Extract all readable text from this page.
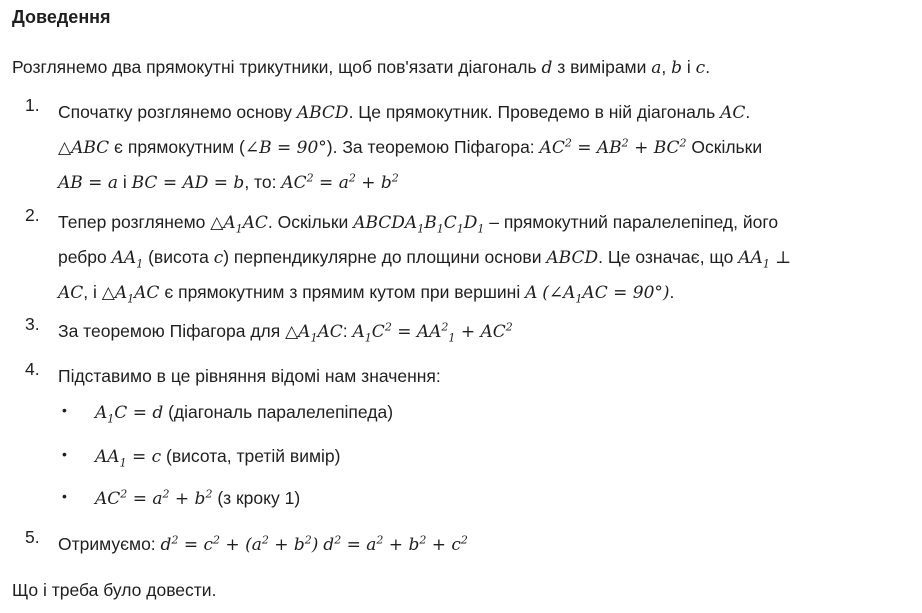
Доведення
Розглянемо два прямокутні трикутники, щоб пов'язати діагональ d з вимірами a, b і c.
1.	Спочатку розглянемо основу ABCD. Це прямокутник. Проведемо в ній діагональ AC.
△ABC є прямокутним (∠B = 90°). За теоремою Піфагора: $AC^2 = AB^2 + BC^2$ Оскільки
AB = a і BC = AD = b, то: $AC^2 = a^2 + b^2$
2.	Тепер розглянемо $\triangle A_1AC$. Оскільки $ABCDA_1B_1C_1D_1$ – прямокутний паралелепіпед, його
ребро $AA_1$ (висота c) перпендикулярне до площини основи ABCD. Це означає, що $AA_1$ ⊥
AC, і $\triangle A_1AC$ є прямокутним з прямим кутом при вершині A $(\angle A_1AC = 90^\circ)$.
3.	За теоремою Піфагора для $\triangle A_1AC$: $A_1C^2 = AA^2_1 + AC^2$
4.	Підставимо в це рівняння відомі нам значення:
•	$A_1C = d$ (діагональ паралелепіпеда)
•	$AA_1 = c$ (висота, третій вимір)
•	$AC^2 = a^2 + b^2$ (з кроку 1)
5.	Отримуємо: $d^2 = c^2 + (a^2 + b^2) d^2 = a^2 + b^2 + c^2$
Що і треба було довести.
